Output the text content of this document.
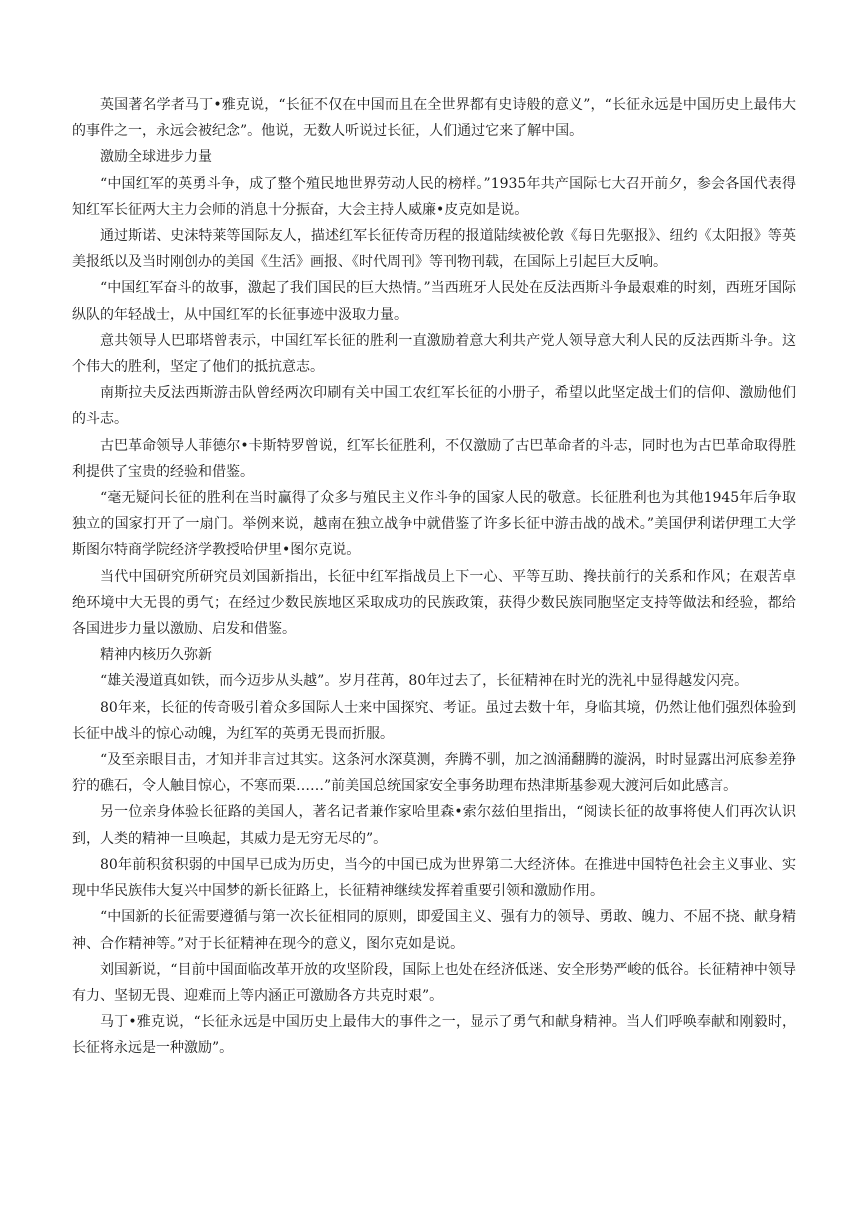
英国著名学者马丁•雅克说，“长征不仅在中国而且在全世界都有史诗般的意义”，“长征永远是中国历史上最伟大的事件之一，永远会被纪念”。他说，无数人听说过长征，人们通过它来了解中国。

激励全球进步力量

“中国红军的英勇斗争，成了整个殖民地世界劳动人民的榜样。”1935年共产国际七大召开前夕，参会各国代表得知红军长征两大主力会师的消息十分振奋，大会主持人威廉•皮克如是说。

通过斯诺、史沫特莱等国际友人，描述红军长征传奇历程的报道陆续被伦敦《每日先驱报》、纽约《太阳报》等英美报纸以及当时刚创办的美国《生活》画报、《时代周刊》等刊物刊载，在国际上引起巨大反响。

“中国红军奋斗的故事，激起了我们国民的巨大热情。”当西班牙人民处在反法西斯斗争最艰难的时刻，西班牙国际纵队的年轻战士，从中国红军的长征事迹中汲取力量。

意共领导人巴耶塔曾表示，中国红军长征的胜利一直激励着意大利共产党人领导意大利人民的反法西斯斗争。这个伟大的胜利，坚定了他们的抵抗意志。

南斯拉夫反法西斯游击队曾经两次印刷有关中国工农红军长征的小册子，希望以此坚定战士们的信仰、激励他们的斗志。

古巴革命领导人菲德尔•卡斯特罗曾说，红军长征胜利，不仅激励了古巴革命者的斗志，同时也为古巴革命取得胜利提供了宝贵的经验和借鉴。

“毫无疑问长征的胜利在当时赢得了众多与殖民主义作斗争的国家人民的敬意。长征胜利也为其他1945年后争取独立的国家打开了一扇门。举例来说，越南在独立战争中就借鉴了许多长征中游击战的战术。”美国伊利诺伊理工大学斯图尔特商学院经济学教授哈伊里•图尔克说。

当代中国研究所研究员刘国新指出，长征中红军指战员上下一心、平等互助、搀扶前行的关系和作风；在艰苦卓绝环境中大无畏的勇气；在经过少数民族地区采取成功的民族政策，获得少数民族同胞坚定支持等做法和经验，都给各国进步力量以激励、启发和借鉴。

精神内核历久弥新

“雄关漫道真如铁，而今迈步从头越”。岁月荏苒，80年过去了，长征精神在时光的洗礼中显得越发闪亮。

80年来，长征的传奇吸引着众多国际人士来中国探究、考证。虽过去数十年，身临其境，仍然让他们强烈体验到长征中战斗的惊心动魄，为红军的英勇无畏而折服。

“及至亲眼目击，才知并非言过其实。这条河水深莫测，奔腾不驯，加之汹涌翻腾的漩涡，时时显露出河底参差狰狞的礁石，令人触目惊心，不寒而栗……”前美国总统国家安全事务助理布热津斯基参观大渡河后如此感言。

另一位亲身体验长征路的美国人，著名记者兼作家哈里森•索尔兹伯里指出，“阅读长征的故事将使人们再次认识到，人类的精神一旦唤起，其威力是无穷无尽的”。

80年前积贫积弱的中国早已成为历史，当今的中国已成为世界第二大经济体。在推进中国特色社会主义事业、实现中华民族伟大复兴中国梦的新长征路上，长征精神继续发挥着重要引领和激励作用。

“中国新的长征需要遵循与第一次长征相同的原则，即爱国主义、强有力的领导、勇敢、魄力、不屈不挠、献身精神、合作精神等。”对于长征精神在现今的意义，图尔克如是说。

刘国新说，“目前中国面临改革开放的攻坚阶段，国际上也处在经济低迷、安全形势严峻的低谷。长征精神中领导有力、坚韧无畏、迎难而上等内涵正可激励各方共克时艰”。

马丁•雅克说，“长征永远是中国历史上最伟大的事件之一，显示了勇气和献身精神。当人们呼唤奉献和刚毅时，长征将永远是一种激励”。
